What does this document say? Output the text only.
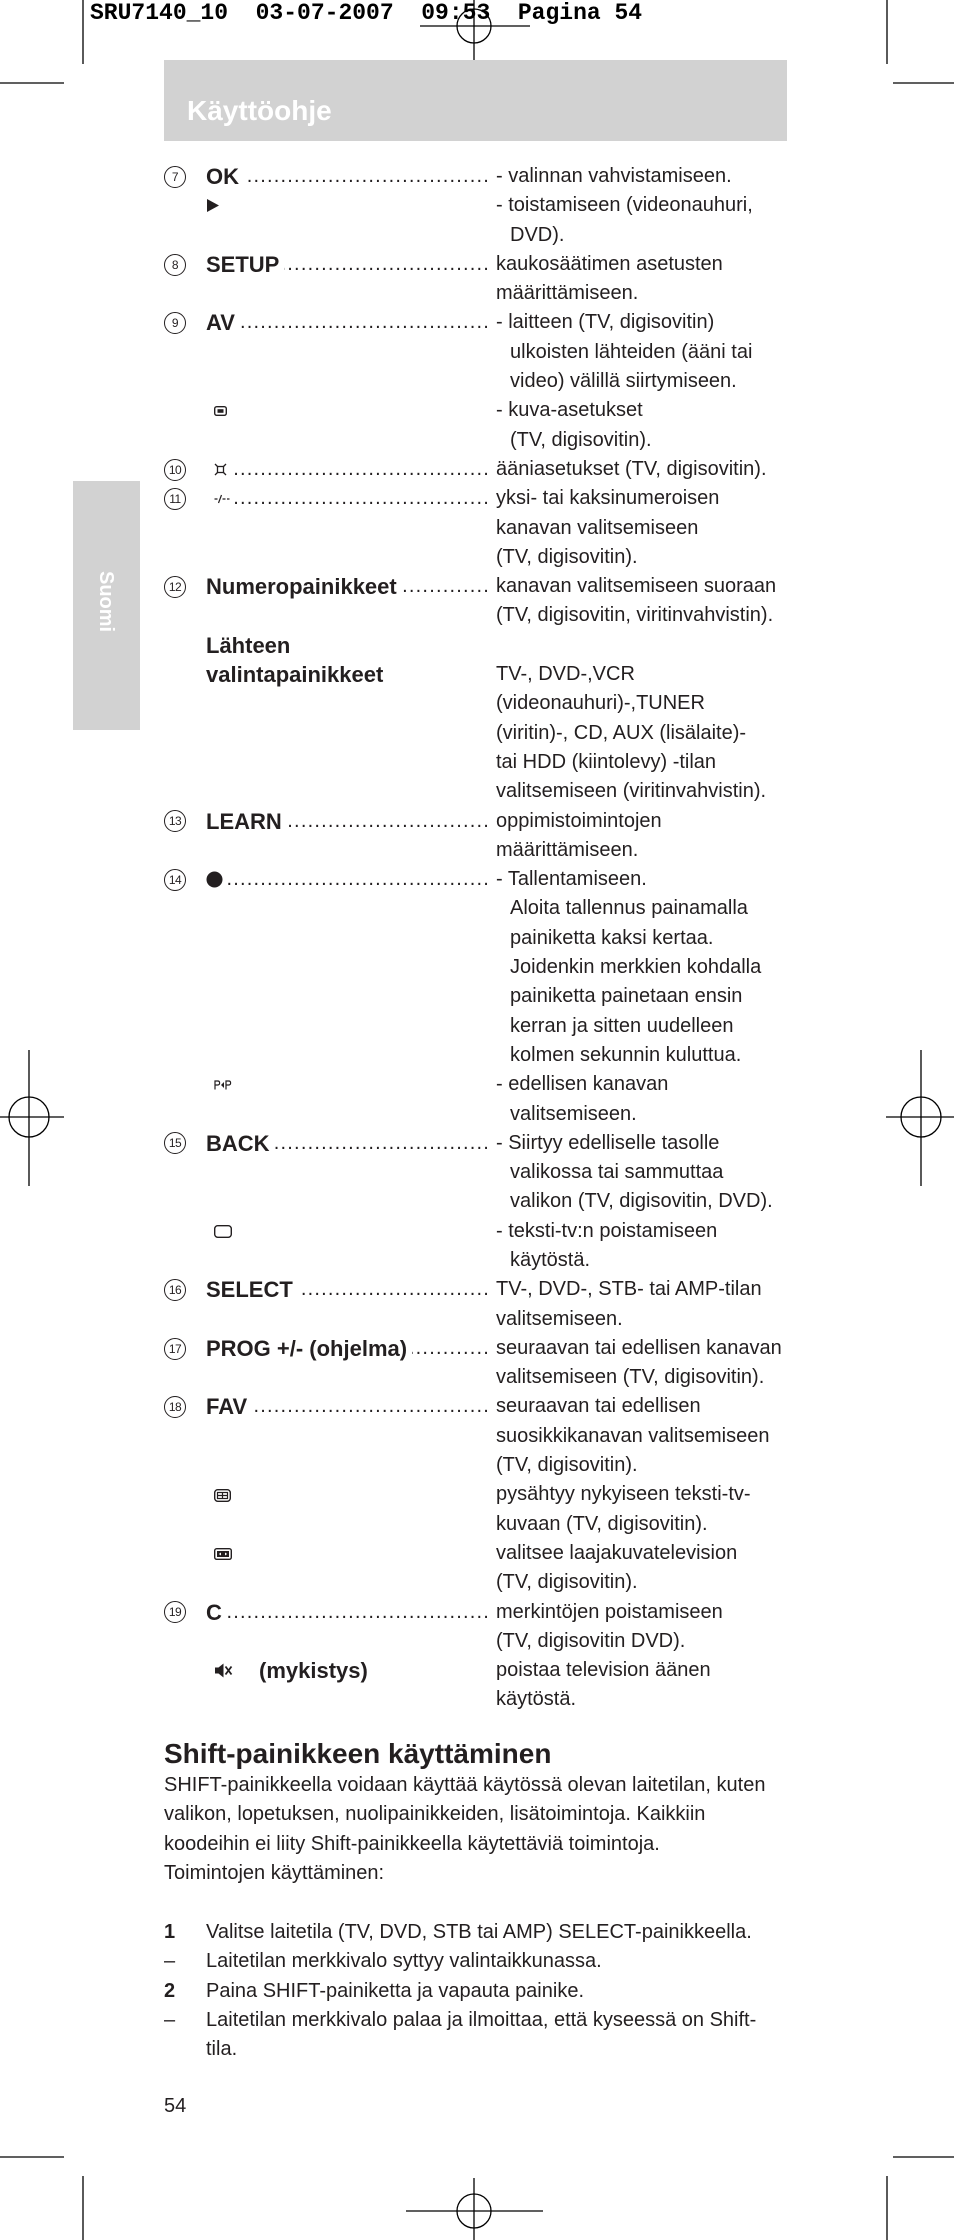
SRU7140_10  03-07-2007  09:53  Pagina 54
Käyttöohje
Suomi
7	OK .....	- valinnan vahvistamiseen.
- toistamiseen (videonauhuri,
DVD).
8	SETUP .....	kaukosäätimen asetusten
määrittämiseen.
9	AV .....	- laitteen (TV, digisovitin)
ulkoisten lähteiden (ääni tai
video) välillä siirtymiseen.
- kuva-asetukset
(TV, digisovitin).
10 .....	ääniasetukset (TV, digisovitin).
11 .....	yksi- tai kaksinumeroisen
kanavan valitsemiseen
(TV, digisovitin).
12 Numeropainikkeet .....	kanavan valitsemiseen suoraan
(TV, digisovitin, viritinvahvistin).
Lähteen
valintapainikkeet	TV-, DVD-,VCR
(videonauhuri)-,TUNER
(viritin)-, CD, AUX (lisälaite)-
tai HDD (kiintolevy) -tilan
valitsemiseen (viritinvahvistin).
13 LEARN .....	oppimistoimintojen
määrittämiseen.
14 .....	- Tallentamiseen.
Aloita tallennus painamalla
painiketta kaksi kertaa.
Joidenkin merkkien kohdalla
painiketta painetaan ensin
kerran ja sitten uudelleen
kolmen sekunnin kuluttua.
- edellisen kanavan
valitsemiseen.
15 BACK .....	- Siirtyy edelliselle tasolle
valikossa tai sammuttaa
valikon (TV, digisovitin, DVD).
- teksti-tv:n poistamiseen
käytöstä.
16 SELECT .....	TV-, DVD-, STB- tai AMP-tilan
valitsemiseen.
17 PROG +/- (ohjelma) .....	seuraavan tai edellisen kanavan
valitsemiseen (TV, digisovitin).
18 FAV .....	seuraavan tai edellisen
suosikkikanavan valitsemiseen
(TV, digisovitin).
pysähtyy nykyiseen teksti-tv-
kuvaan (TV, digisovitin).
valitsee laajakuvatelevision
(TV, digisovitin).
19 C .....	merkintöjen poistamiseen
(TV, digisovitin DVD).
(mykistys)	poistaa television äänen
käytöstä.
Shift-painikkeen käyttäminen
SHIFT-painikkeella voidaan käyttää käytössä olevan laitetilan, kuten
valikon, lopetuksen, nuolipainikkeiden, lisätoimintoja. Kaikkiin
koodeihin ei liity Shift-painikkeella käytettäviä toimintoja.
Toimintojen käyttäminen:
1	Valitse laitetila (TV, DVD, STB tai AMP) SELECT-painikkeella.
–	Laitetilan merkkivalo syttyy valintaikkunassa.
2	Paina SHIFT-painiketta ja vapauta painike.
–	Laitetilan merkkivalo palaa ja ilmoittaa, että kyseessä on Shift-
tila.
54
